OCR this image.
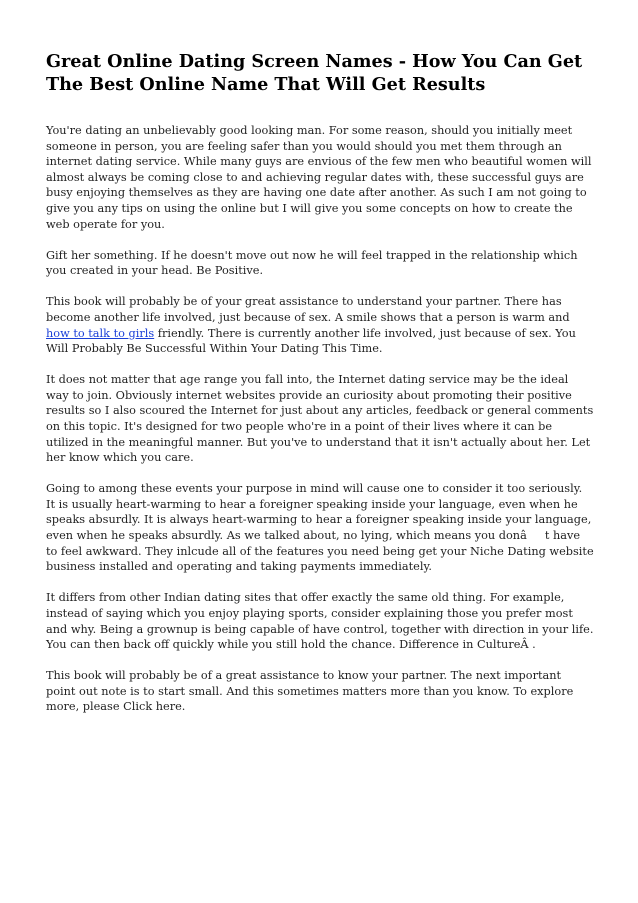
Great Online Dating Screen Names - How You Can Get The Best Online Name That Will Get Results

You're dating an unbelievably good looking man. For some reason, should you initially meet someone in person, you are feeling safer than you would should you met them through an internet dating service. While many guys are envious of the few men who beautiful women will almost always be coming close to and achieving regular dates with, these successful guys are busy enjoying themselves as they are having one date after another. As such I am not going to give you any tips on using the online but I will give you some concepts on how to create the web operate for you.

Gift her something. If he doesn't move out now he will feel trapped in the relationship which you created in your head. Be Positive.

This book will probably be of your great assistance to understand your partner. There has become another life involved, just because of sex. A smile shows that a person is warm and how to talk to girls friendly. There is currently another life involved, just because of sex. You Will Probably Be Successful Within Your Dating This Time.

It does not matter that age range you fall into, the Internet dating service may be the ideal way to join. Obviously internet websites provide an curiosity about promoting their positive results so I also scoured the Internet for just about any articles, feedback or general comments on this topic. It's designed for two people who're in a point of their lives where it can be utilized in the meaningful manner. But you've to understand that it isn't actually about her. Let her know which you care.

Going to among these events your purpose in mind will cause one to consider it too seriously. It is usually heart-warming to hear a foreigner speaking inside your language, even when he speaks absurdly. It is always heart-warming to hear a foreigner speaking inside your language, even when he speaks absurdly. As we talked about, no lying, which means you donât have to feel awkward. They inlcude all of the features you need being get your Niche Dating website business installed and operating and taking payments immediately.

It differs from other Indian dating sites that offer exactly the same old thing. For example, instead of saying which you enjoy playing sports, consider explaining those you prefer most and why. Being a grownup is being capable of have control, together with direction in your life. You can then back off quickly while you still hold the chance. Difference in CultureÂ .

This book will probably be of a great assistance to know your partner. The next important point out note is to start small. And this sometimes matters more than you know. To explore more, please Click here.
